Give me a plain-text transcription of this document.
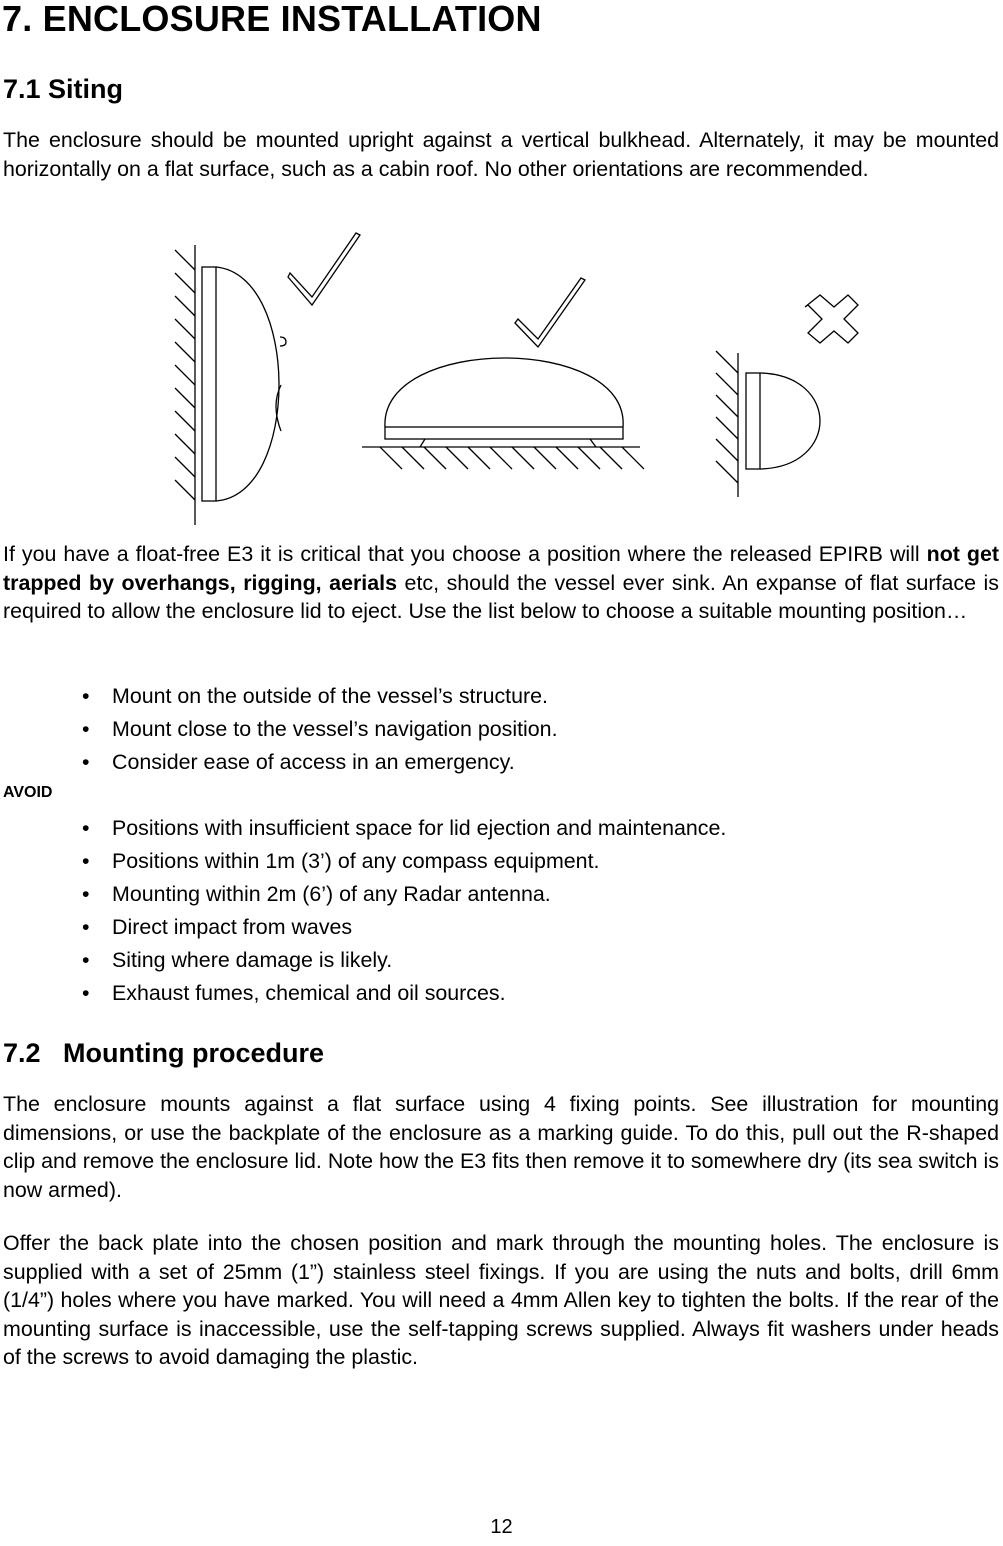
7. ENCLOSURE INSTALLATION
7.1 Siting

The enclosure should be mounted upright against a vertical bulkhead. Alternately, it may be mounted horizontally on a flat surface, such as a cabin roof. No other orientations are recommended.

If you have a float-free E3 it is critical that you choose a position where the released EPIRB will not get trapped by overhangs, rigging, aerials etc, should the vessel ever sink. An expanse of flat surface is required to allow the enclosure lid to eject. Use the list below to choose a suitable mounting position…

• Mount on the outside of the vessel’s structure.
• Mount close to the vessel’s navigation position.
• Consider ease of access in an emergency.

AVOID

• Positions with insufficient space for lid ejection and maintenance.
• Positions within 1m (3’) of any compass equipment.
• Mounting within 2m (6’) of any Radar antenna.
• Direct impact from waves
• Siting where damage is likely.
• Exhaust fumes, chemical and oil sources.
7.2   Mounting procedure

The enclosure mounts against a flat surface using 4 fixing points. See illustration for mounting dimensions, or use the backplate of the enclosure as a marking guide. To do this, pull out the R-shaped clip and remove the enclosure lid. Note how the E3 fits then remove it to somewhere dry (its sea switch is now armed).

Offer the back plate into the chosen position and mark through the mounting holes. The enclosure is supplied with a set of 25mm (1”) stainless steel fixings. If you are using the nuts and bolts, drill 6mm (1/4”) holes where you have marked. You will need a 4mm Allen key to tighten the bolts. If the rear of the mounting surface is inaccessible, use the self-tapping screws supplied. Always fit washers under heads of the screws to avoid damaging the plastic.

12
